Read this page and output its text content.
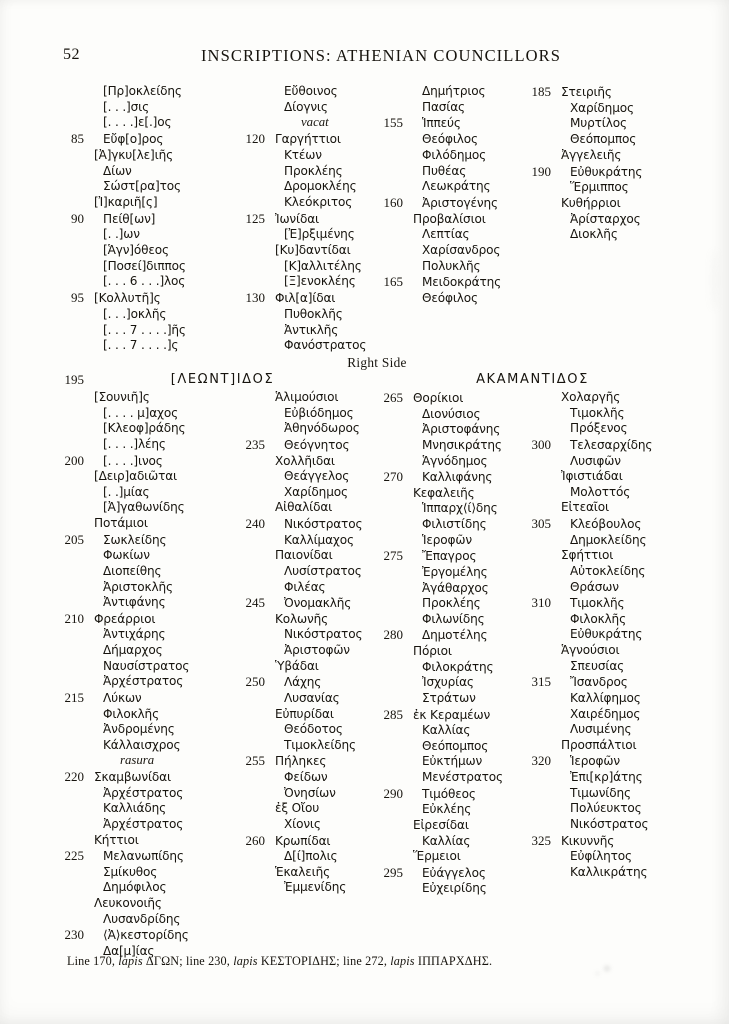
52	INSCRIPTIONS: ATHENIAN COUNCILLORS
[Πρ]οκλείδης
[. . .]σις
[. . . .]ε[.]ος
85	Εὔφ[ο]ρος
[Ἀ]γκυ[λε]ιῆς
Δίων
Σώστ[ρα]τος
[Ἰ]καριῆ[ς]
90	Πείθ[ων]
[. .]ων
[Ἁγν]όθεος
[Ποσεί]διππος
[. . . 6 . . .]λος
95 [Κολλυτῆ]ς
[. . .]οκλῆς
[. . . 7 . . . .]ῆς
[. . . 7 . . . .]ς
Εὔθοινος
Δίογνις
vacat
120 Γαργήττιοι
Κτέων
Προκλέης
Δρομοκλέης
Κλεόκριτος
125 Ἰωνίδαι
[Ἐ]ρξιμένης
[Κυ]δαντίδαι
[Κ]αλλιτέλης
[Ξ]ενοκλέης
130 Φιλ[α]ίδαι
Πυθοκλῆς
Ἀντικλῆς
Φανόστρατος
Δημήτριος
Πασίας
155	Ἱππεύς
Θεόφιλος
Φιλόδημος
Πυθέας
Λεωκράτης
160	Ἀριστογένης
Προβαλίσιοι
Λεπτίας
Χαρίσανδρος
Πολυκλῆς
165	Μειδοκράτης
Θεόφιλος
185 Στειριῆς
Χαρίδημος
Μυρτίλος
Θεόπομπος
Ἀγγελειῆς
190	Εὐθυκράτης
Ἕρμιππος
Κυθήρριοι
Ἀρίσταρχος
Διοκλῆς
Right Side
195	[ΛΕΩΝΤ]ΙΔΟΣ	ΑΚΑΜΑΝΤΙΔΟΣ
[Σουνιῆ]ς
[. . . . μ]αχος
[Κλεοφ]ράδης
[. . . .]λέης
200	[. . . .]ινος
[Δειρ]αδιῶται
[. .]μίας
[Ἀ]γαθωνίδης
Ποτάμιοι
205	Σωκλείδης
Φωκίων
Διοπείθης
Ἀριστοκλῆς
Ἀντιφάνης
210 Φρεάρριοι
Ἀντιχάρης
Δήμαρχος
Ναυσίστρατος
Ἀρχέστρατος
215	Λύκων
Φιλοκλῆς
Ἀνδρομένης
Κάλλαισχρος
rasura
220 Σκαμβωνίδαι
Ἀρχέστρατος
Καλλιάδης
Ἀρχέστρατος
Κήττιοι
225	Μελανωπίδης
Σμίκυθος
Δημόφιλος
Λευκονοιῆς
Λυσανδρίδης
230	⟨Ἀ⟩κεστορίδης
Δα[μ]ίας
Ἁλιμούσιοι
Εὐβιόδημος
Ἀθηνόδωρος
235	Θεόγνητος
Χολλῆιδαι
Θεάγγελος
Χαρίδημος
Αἰθαλίδαι
240	Νικόστρατος
Καλλίμαχος
Παιονίδαι
Λυσίστρατος
Φιλέας
245	Ὀνομακλῆς
Κολωνῆς
Νικόστρατος
Ἀριστοφῶν
Ὑβάδαι
250	Λάχης
Λυσανίας
Εὐπυρίδαι
Θεόδοτος
Τιμοκλείδης
255 Πήληκες
Φείδων
Ὀνησίων
ἐξ Οἴου
Χίονις
260 Κρωπίδαι
Δ[ί]πολις
Ἑκαλειῆς
Ἐμμενίδης
265 Θορίκιοι
Διονύσιος
Ἀριστοφάνης
Μνησικράτης
Ἁγνόδημος
270	Καλλιφάνης
Κεφαλειῆς
Ἱππαρχ⟨ί⟩δης
Φιλιστίδης
Ἱεροφῶν
275	Ἔπαγρος
Ἐργομέλης
Ἀγάθαρχος
Προκλέης
Φιλωνίδης
280	Δημοτέλης
Πόριοι
Φιλοκράτης
Ἰσχυρίας
Στράτων
285 ἐκ Κεραμέων
Καλλίας
Θεόπομπος
Εὐκτήμων
Μενέστρατος
290	Τιμόθεος
Εὐκλέης
Εἰρεσίδαι
Καλλίας
Ἕρμειοι
295	Εὐάγγελος
Εὐχειρίδης
Χολαργῆς
Τιμοκλῆς
Πρόξενος
300	Τελεσαρχίδης
Λυσιφῶν
Ἰφιστιάδαι
Μολοττός
Εἰτεαῖοι
305	Κλεόβουλος
Δημοκλείδης
Σφήττιοι
Αὐτοκλείδης
Θράσων
310	Τιμοκλῆς
Φιλοκλῆς
Εὐθυκράτης
Ἁγνούσιοι
Σπευσίας
315	Ἴσανδρος
Καλλίφημος
Χαιρέδημος
Λυσιμένης
Προσπάλτιοι
320	Ἱεροφῶν
Ἐπι[κρ]άτης
Τιμωνίδης
Πολύευκτος
Νικόστρατος
325 Κικυννῆς
Εὐφίλητος
Καλλικράτης
Line 170, lapis ΔΓΩΝ; line 230, lapis ΚΕΣΤΟΡΙΔΗΣ; line 272, lapis ΙΠΠΑΡΧΔΗΣ.
